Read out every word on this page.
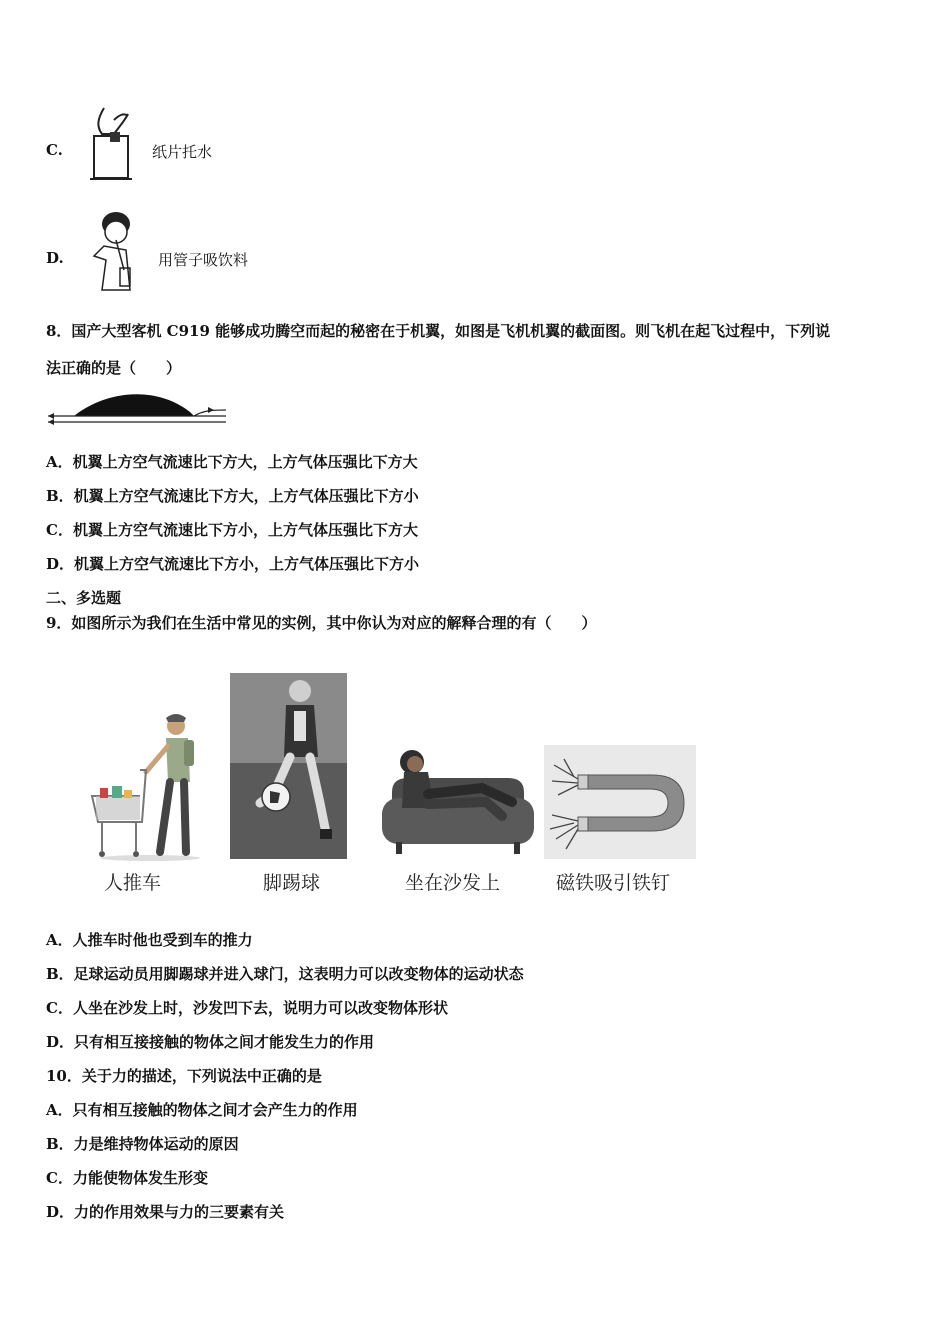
C.	纸片托水
D.	用管子吸饮料
8．国产大型客机 C919 能够成功腾空而起的秘密在于机翼，如图是飞机机翼的截面图。则飞机在起飞过程中，下列说
法正确的是（　　）
A．机翼上方空气流速比下方大，上方气体压强比下方大
B．机翼上方空气流速比下方大，上方气体压强比下方小
C．机翼上方空气流速比下方小，上方气体压强比下方大
D．机翼上方空气流速比下方小，上方气体压强比下方小
二、多选题
9．如图所示为我们在生活中常见的实例，其中你认为对应的解释合理的有（　　）
人推车	脚踢球	坐在沙发上	磁铁吸引铁钉
A．人推车时他也受到车的推力
B．足球运动员用脚踢球并进入球门，这表明力可以改变物体的运动状态
C．人坐在沙发上时，沙发凹下去，说明力可以改变物体形状
D．只有相互接接触的物体之间才能发生力的作用
10．关于力的描述，下列说法中正确的是
A．只有相互接触的物体之间才会产生力的作用
B．力是维持物体运动的原因
C．力能使物体发生形变
D．力的作用效果与力的三要素有关
